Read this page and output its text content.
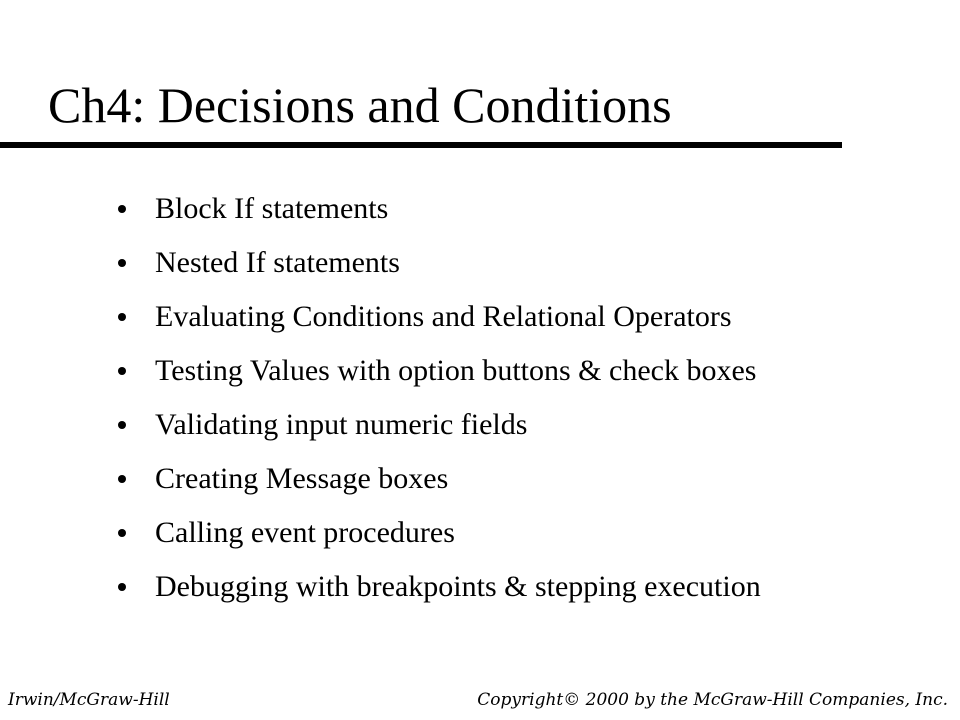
Ch4: Decisions and Conditions
Block If statements
Nested If statements
Evaluating Conditions and Relational Operators
Testing Values with option buttons & check boxes
Validating input numeric fields
Creating Message boxes
Calling event procedures
Debugging with breakpoints & stepping execution
Irwin/McGraw-Hill	Copyright© 2000 by the McGraw-Hill Companies, Inc.
